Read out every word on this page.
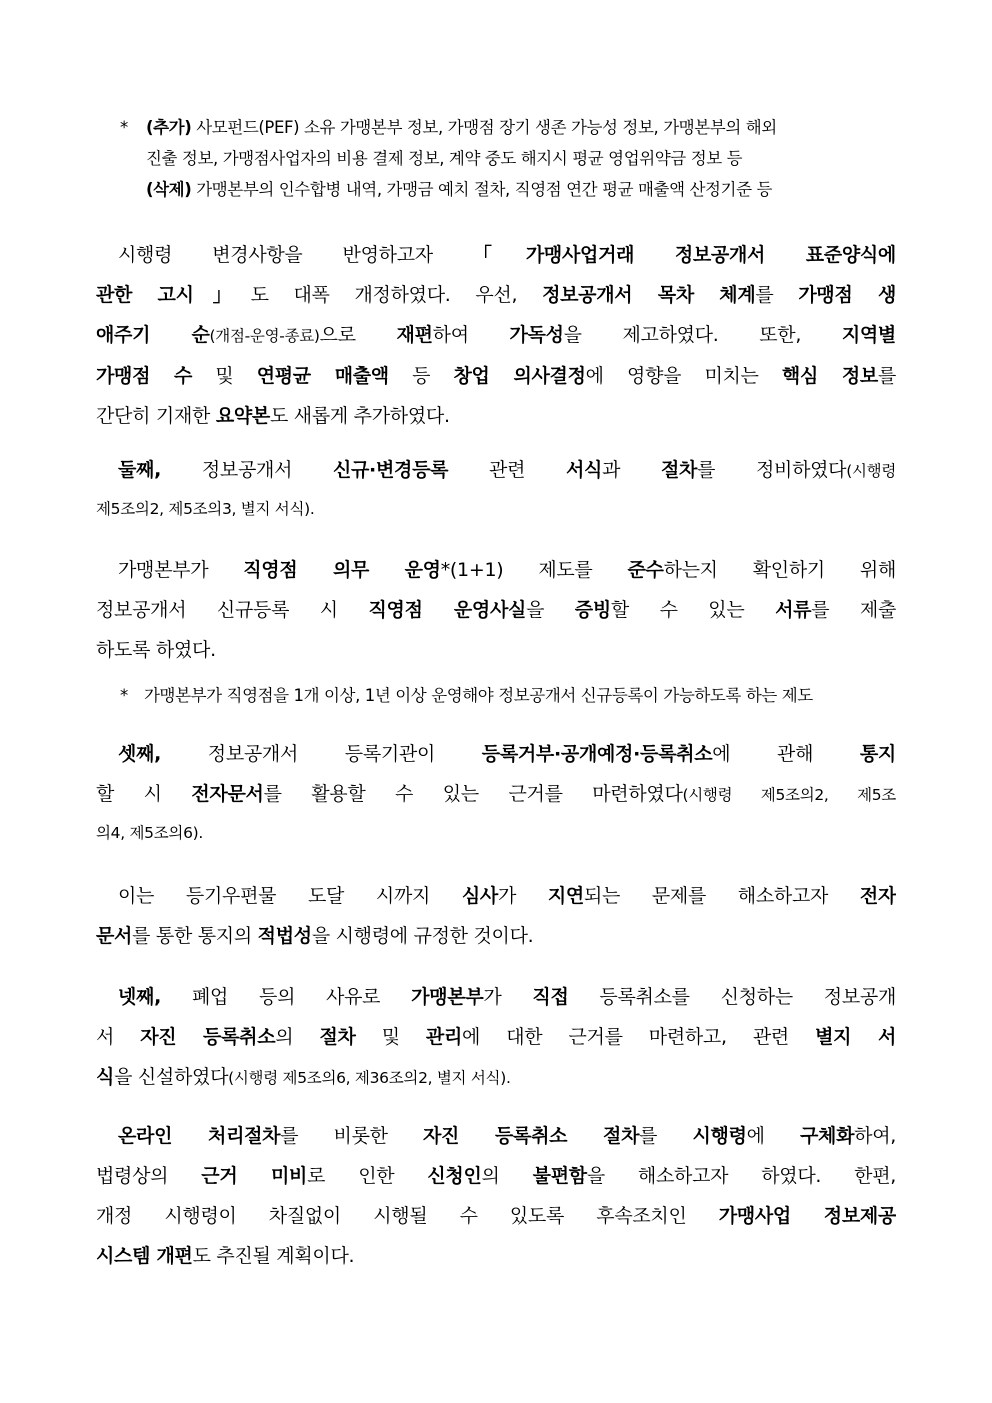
* (추가) 사모펀드(PEF) 소유 가맹본부 정보, 가맹점 장기 생존 가능성 정보, 가맹본부의 해외
진출 정보, 가맹점사업자의 비용 결제 정보, 계약 중도 해지시 평균 영업위약금 정보 등
(삭제) 가맹본부의 인수합병 내역, 가맹금 예치 절차, 직영점 연간 평균 매출액 산정기준 등
시행령 변경사항을 반영하고자 「가맹사업거래 정보공개서 표준양식에
관한 고시」도 대폭 개정하였다. 우선, 정보공개서 목차 체계를 가맹점 생
애주기 순(개점-운영-종료)으로 재편하여 가독성을 제고하였다. 또한, 지역별
가맹점 수 및 연평균 매출액 등 창업 의사결정에 영향을 미치는 핵심 정보를
간단히 기재한 요약본도 새롭게 추가하였다.
둘째, 정보공개서 신규·변경등록 관련 서식과 절차를 정비하였다(시행령
제5조의2, 제5조의3, 별지 서식).
가맹본부가 직영점 의무 운영*(1+1) 제도를 준수하는지 확인하기 위해
정보공개서 신규등록 시 직영점 운영사실을 증빙할 수 있는 서류를 제출
하도록 하였다.
* 가맹본부가 직영점을 1개 이상, 1년 이상 운영해야 정보공개서 신규등록이 가능하도록 하는 제도
셋째, 정보공개서 등록기관이 등록거부·공개예정·등록취소에 관해 통지
할 시 전자문서를 활용할 수 있는 근거를 마련하였다(시행령 제5조의2, 제5조
의4, 제5조의6).
이는 등기우편물 도달 시까지 심사가 지연되는 문제를 해소하고자 전자
문서를 통한 통지의 적법성을 시행령에 규정한 것이다.
넷째, 폐업 등의 사유로 가맹본부가 직접 등록취소를 신청하는 정보공개
서 자진 등록취소의 절차 및 관리에 대한 근거를 마련하고, 관련 별지 서
식을 신설하였다(시행령 제5조의6, 제36조의2, 별지 서식).
온라인 처리절차를 비롯한 자진 등록취소 절차를 시행령에 구체화하여,
법령상의 근거 미비로 인한 신청인의 불편함을 해소하고자 하였다. 한편,
개정 시행령이 차질없이 시행될 수 있도록 후속조치인 가맹사업 정보제공
시스템 개편도 추진될 계획이다.
